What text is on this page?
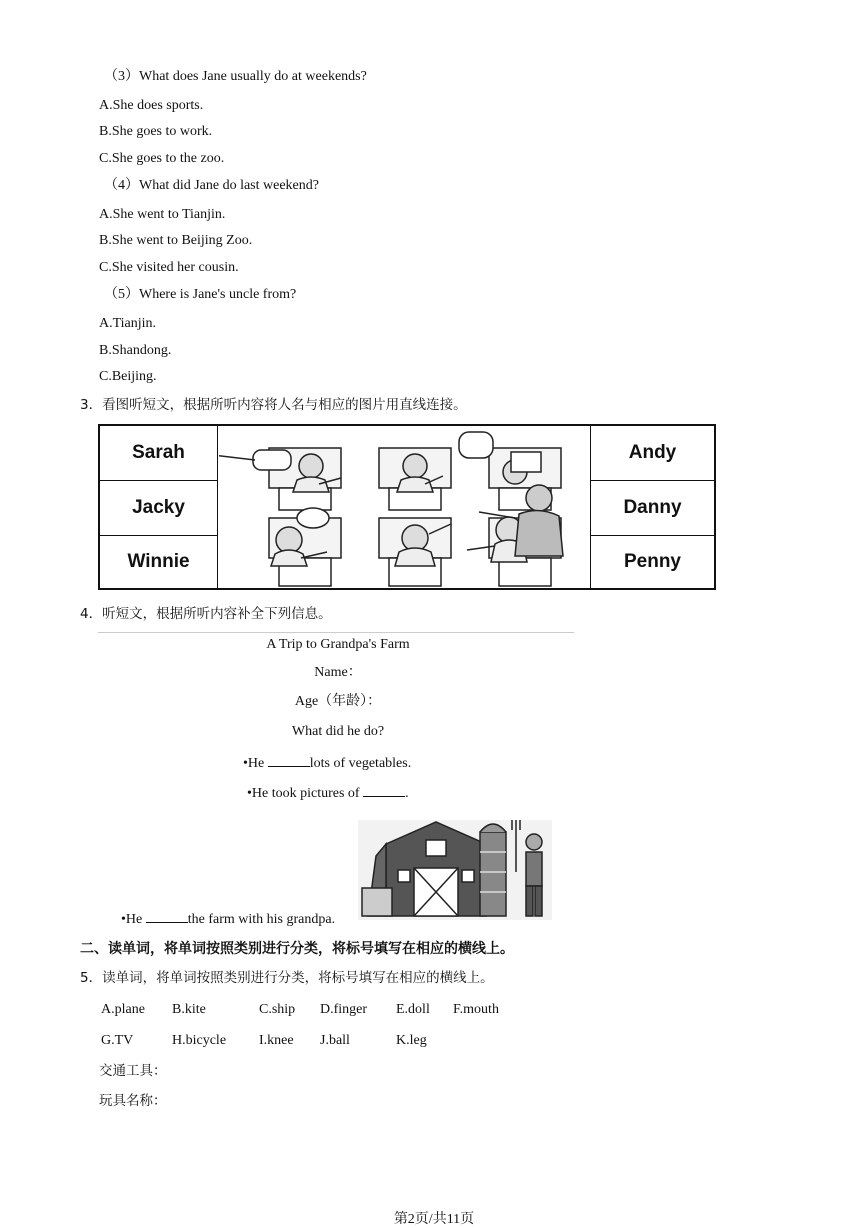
（3）What does Jane usually do at weekends?
A.She does sports.
B.She goes to work.
C.She goes to the zoo.
（4）What did Jane do last weekend?
A.She went to Tianjin.
B.She went to Beijing Zoo.
C.She visited her cousin.
（5）Where is Jane's uncle from?
A.Tianjin.
B.Shandong.
C.Beijing.
3．看图听短文，根据所听内容将人名与相应的图片用直线连接。
Sarah
Jacky
Winnie
Andy
Danny
Penny
4．听短文，根据所听内容补全下列信息。
A Trip to Grandpa's Farm
Name：
Age（年龄）：
What did he do?
•He	lots of vegetables.
•He took pictures of	.
•He	the farm with his grandpa.
二、读单词，将单词按照类别进行分类，将标号填写在相应的横线上。
5．读单词，将单词按照类别进行分类，将标号填写在相应的横线上。
A.plane B.kite	C.ship D.finger E.doll F.mouth
G.TV	H.bicycle I.knee J.ball	K.leg
交通工具：
玩具名称：
第2页/共11页
